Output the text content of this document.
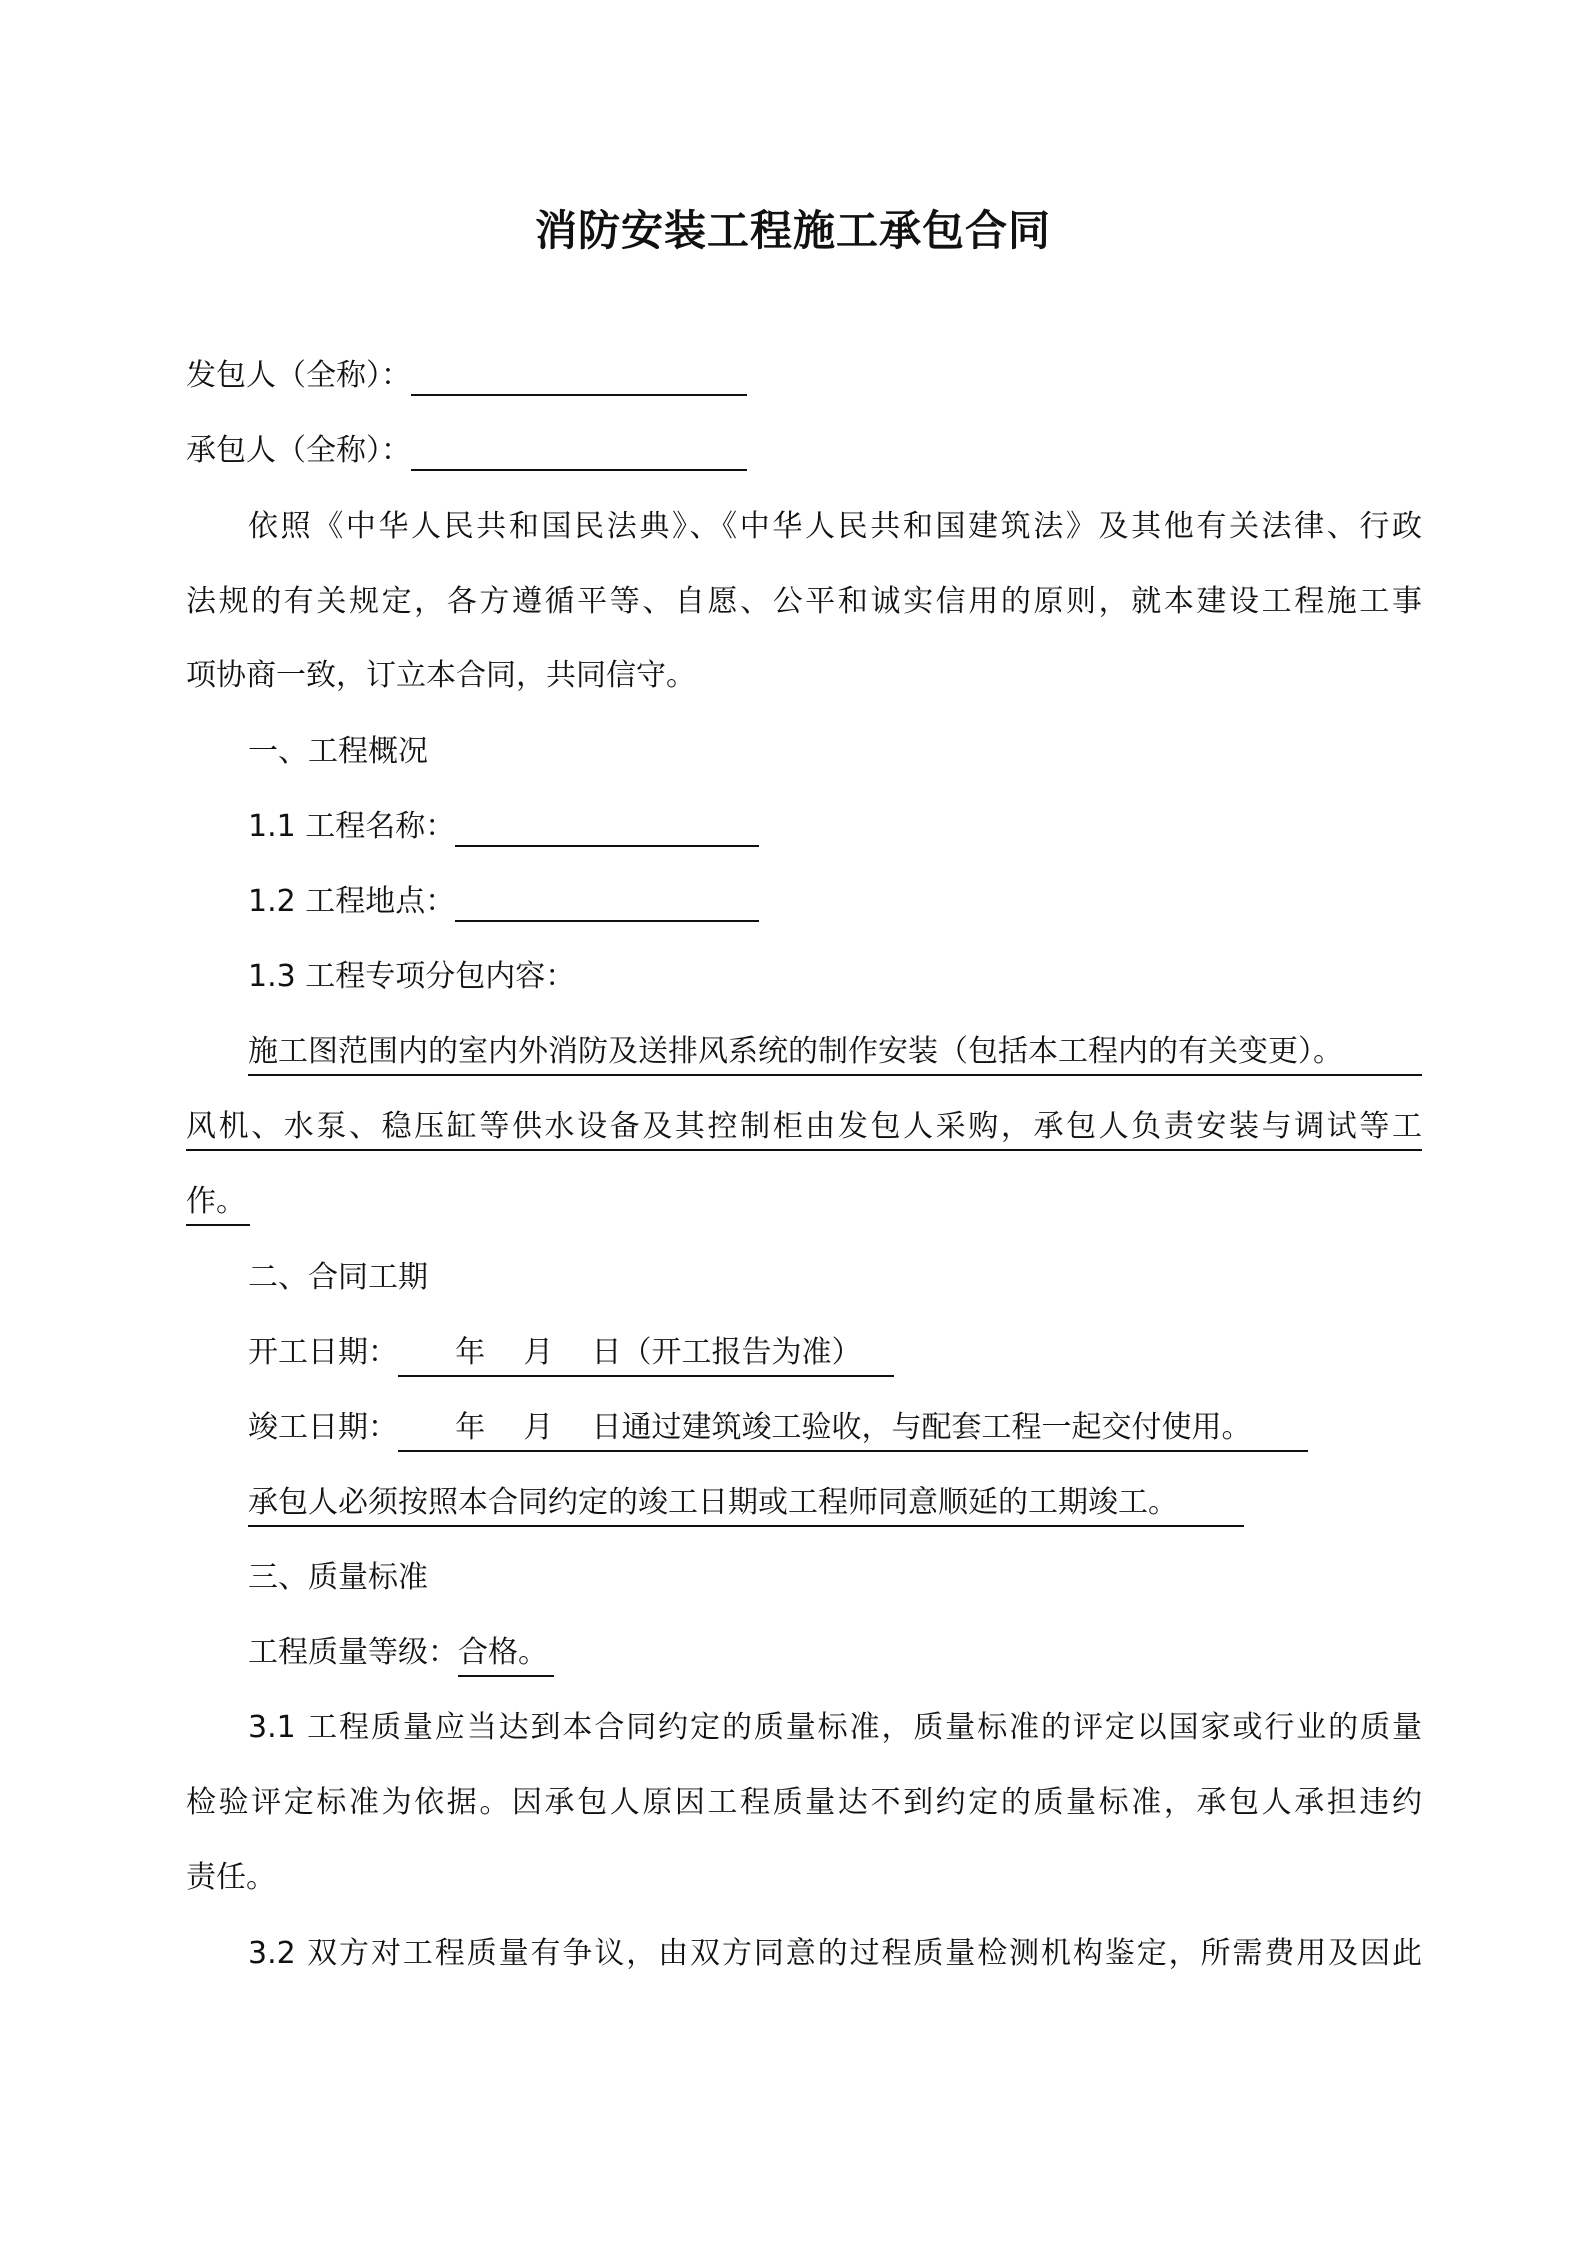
消防安装工程施工承包合同
发包人（全称）：
承包人（全称）：
依照《中华人民共和国民法典》、《中华人民共和国建筑法》及其他有关法律、行政
法规的有关规定，各方遵循平等、自愿、公平和诚实信用的原则，就本建设工程施工事
项协商一致，订立本合同，共同信守。
一、工程概况
1.1 工程名称：
1.2 工程地点：
1.3 工程专项分包内容：
施工图范围内的室内外消防及送排风系统的制作安装（包括本工程内的有关变更）。
风机、水泵、稳压缸等供水设备及其控制柜由发包人采购，承包人负责安装与调试等工
作。
二、合同工期
开工日期：      年    月    日（开工报告为准）
竣工日期：      年    月    日通过建筑竣工验收，与配套工程一起交付使用。
承包人必须按照本合同约定的竣工日期或工程师同意顺延的工期竣工。
三、质量标准
工程质量等级：合格。
3.1 工程质量应当达到本合同约定的质量标准，质量标准的评定以国家或行业的质量
检验评定标准为依据。因承包人原因工程质量达不到约定的质量标准，承包人承担违约
责任。
3.2 双方对工程质量有争议，由双方同意的过程质量检测机构鉴定，所需费用及因此
